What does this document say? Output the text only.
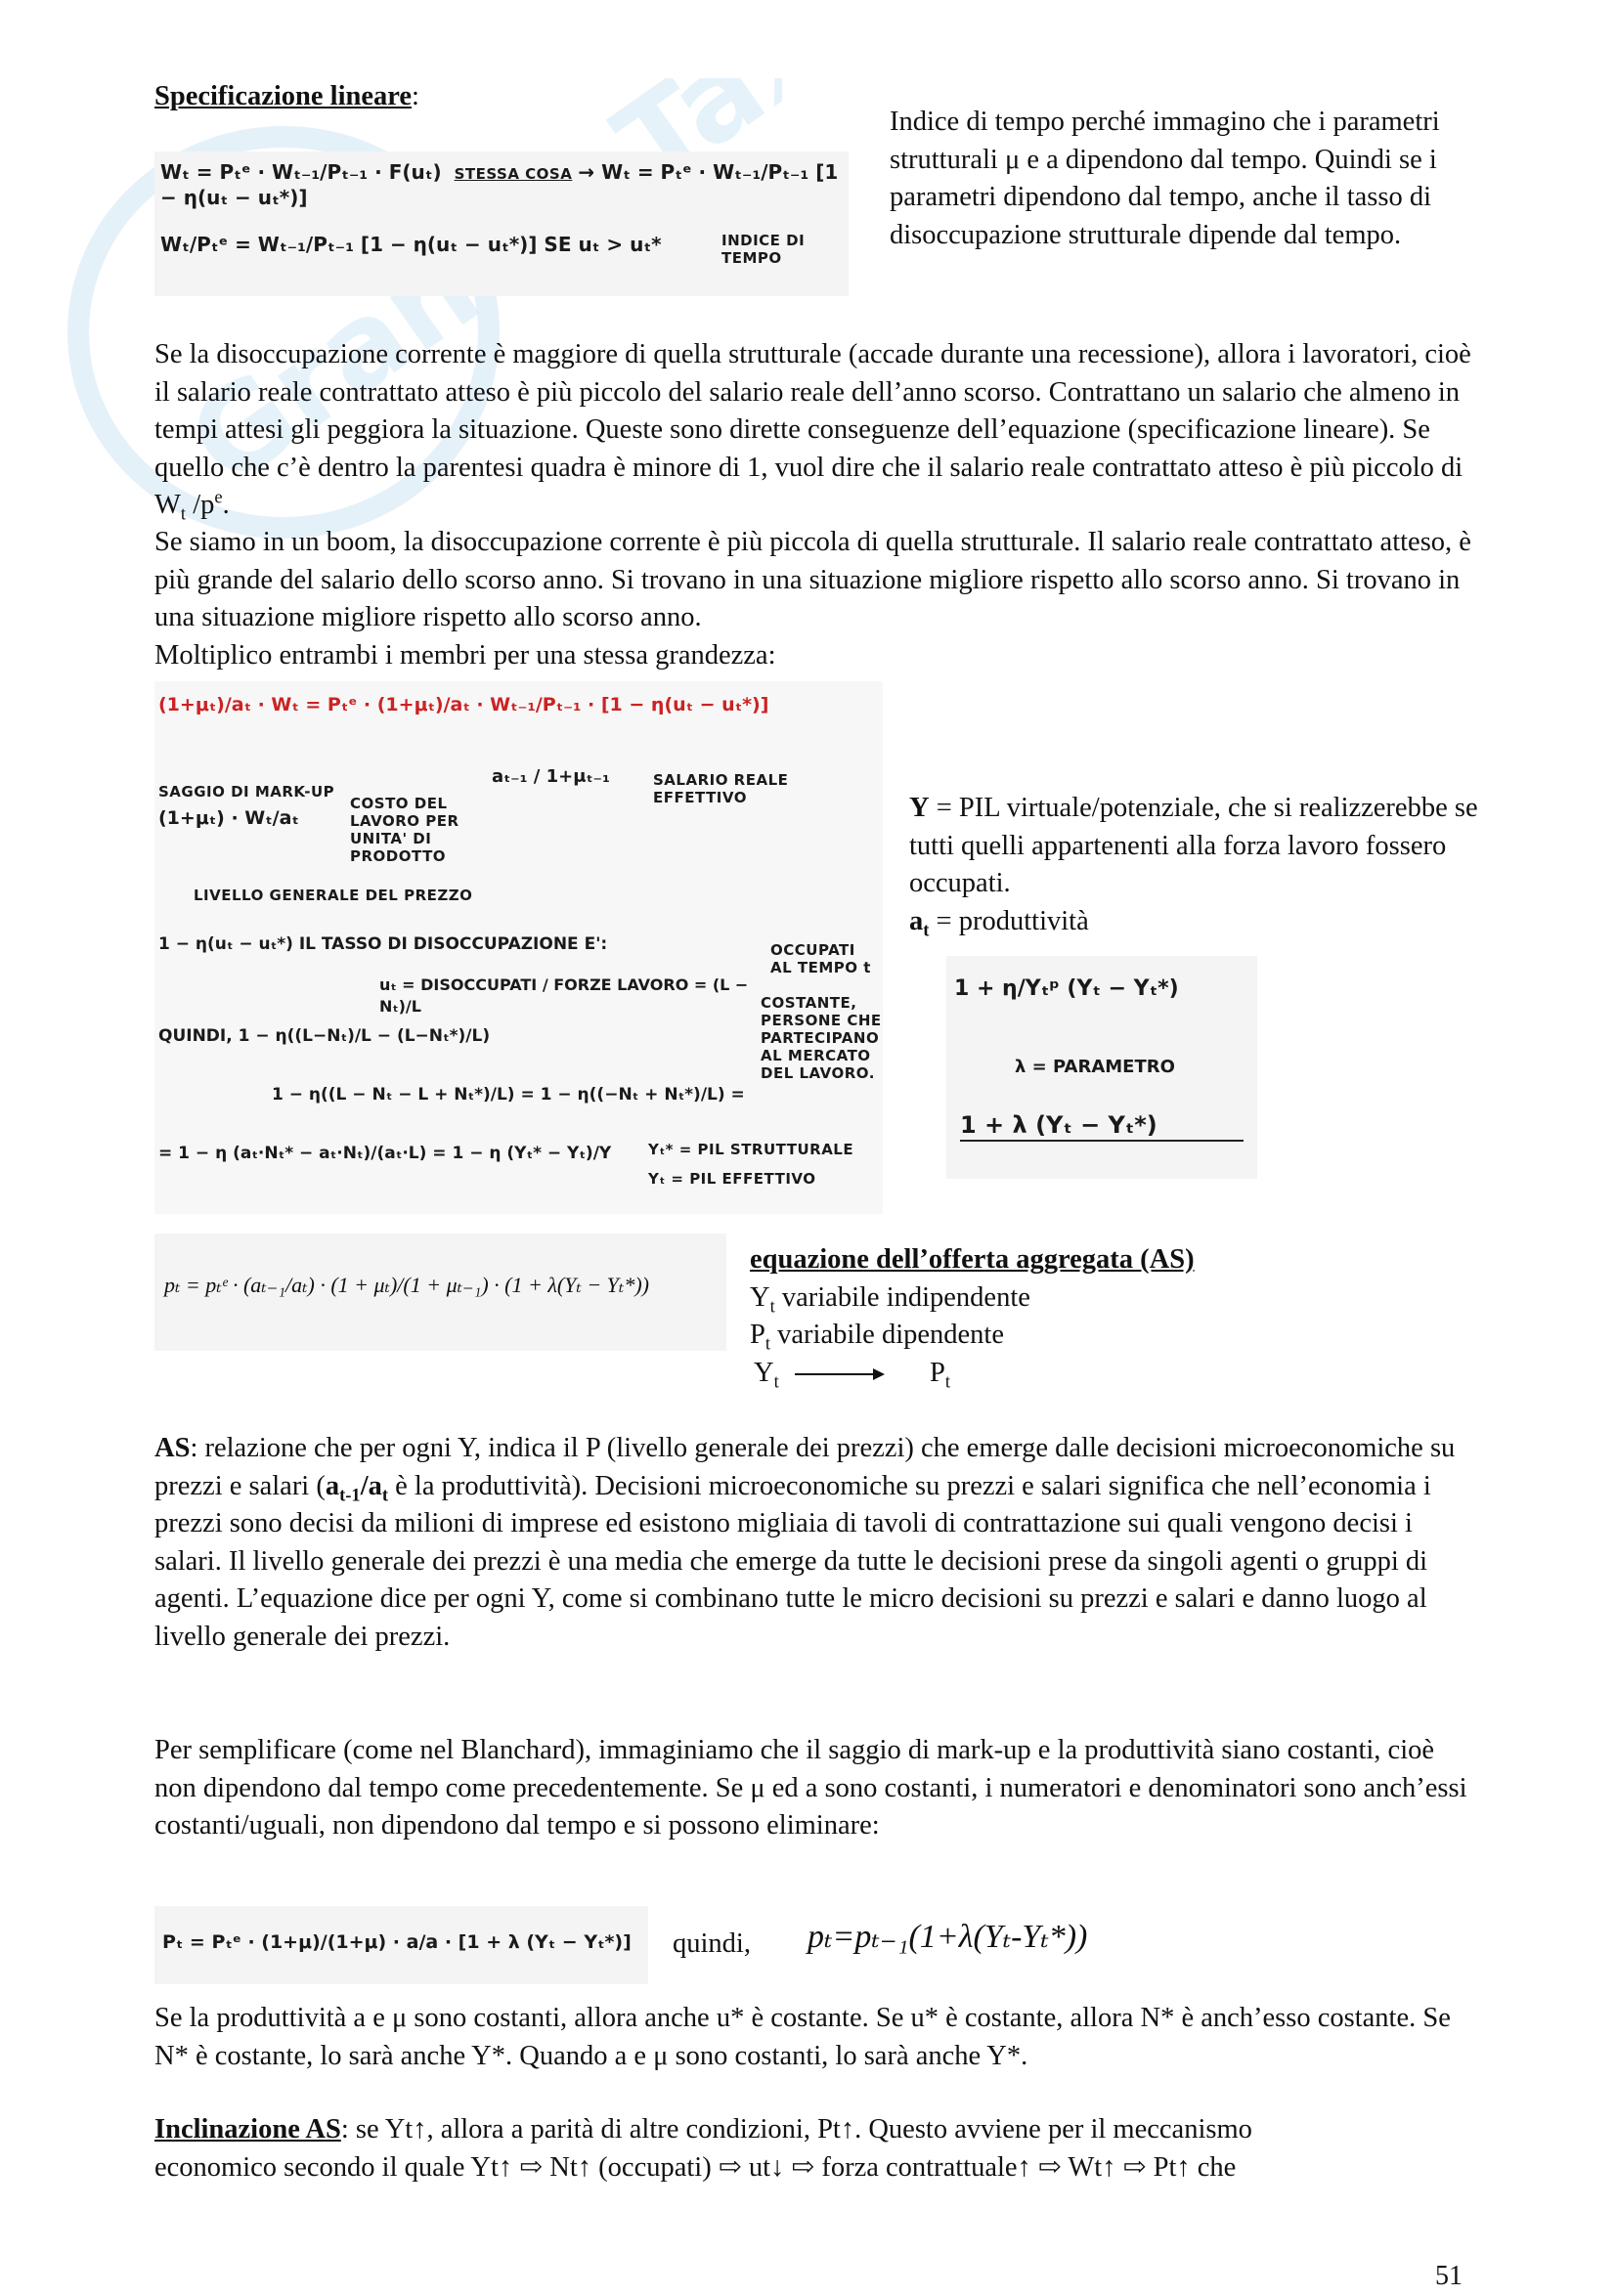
Specificazione lineare:
Wₜ = Pₜᵉ · Wₜ₋₁/Pₜ₋₁ · F(uₜ) STESSA COSA → Wₜ = Pₜᵉ · Wₜ₋₁/Pₜ₋₁ [1 − η(uₜ − uₜ*)]
Wₜ/Pₜᵉ = Wₜ₋₁/Pₜ₋₁ [1 − η(uₜ − uₜ*)] SE uₜ > uₜ*	INDICE DI TEMPO
Indice di tempo perché immagino che i parametri strutturali μ e a dipendono dal tempo. Quindi se i parametri dipendono dal tempo, anche il tasso di disoccupazione strutturale dipende dal tempo.
Se la disoccupazione corrente è maggiore di quella strutturale (accade durante una recessione), allora i lavoratori, cioè il salario reale contrattato atteso è più piccolo del salario reale dell’anno scorso. Contrattano un salario che almeno in tempi attesi gli peggiora la situazione. Queste sono dirette conseguenze dell’equazione (specificazione lineare). Se quello che c’è dentro la parentesi quadra è minore di 1, vuol dire che il salario reale contrattato atteso è più piccolo di $W_t$ $/p^e$.
Se siamo in un boom, la disoccupazione corrente è più piccola di quella strutturale. Il salario reale contrattato atteso, è più grande del salario dello scorso anno. Si trovano in una situazione migliore rispetto allo scorso anno. Si trovano in una situazione migliore rispetto allo scorso anno.
Moltiplico entrambi i membri per una stessa grandezza:
(1+μₜ)/aₜ · Wₜ = Pₜᵉ · (1+μₜ)/aₜ · Wₜ₋₁/Pₜ₋₁ · [1 − η(uₜ − uₜ*)]
SAGGIO DI MARK-UP
(1+μₜ) · Wₜ/aₜ
COSTO DEL LAVORO PER UNITA' DI PRODOTTO
aₜ₋₁ / 1+μₜ₋₁	SALARIO REALE EFFETTIVO
LIVELLO GENERALE DEL PREZZO
1 − η(uₜ − uₜ*) IL TASSO DI DISOCCUPAZIONE E':	OCCUPATI AL TEMPO t
uₜ = DISOCCUPATI / FORZE LAVORO = (L − Nₜ)/L	COSTANTE, PERSONE CHE PARTECIPANO AL MERCATO DEL LAVORO.
QUINDI, 1 − η((L−Nₜ)/L − (L−Nₜ*)/L)
1 − η((L − Nₜ − L + Nₜ*)/L) = 1 − η((−Nₜ + Nₜ*)/L) =
= 1 − η (aₜ·Nₜ* − aₜ·Nₜ)/(aₜ·L) = 1 − η (Yₜ* − Yₜ)/Y	Yₜ* = PIL STRUTTURALE
Yₜ = PIL EFFETTIVO
Y = PIL virtuale/potenziale, che si realizzerebbe se tutti quelli appartenenti alla forza lavoro fossero occupati.
$a_t$ = produttività
1 + η/Yₜᵖ (Yₜ − Yₜ*)
λ = PARAMETRO
1 + λ (Yₜ − Yₜ*)
pₜ = pₜᵉ · (aₜ₋₁/aₜ) · (1 + μₜ)/(1 + μₜ₋₁) · (1 + λ(Yₜ − Yₜ*))
equazione dell’offerta aggregata (AS)
$Y_t$ variabile indipendente
$P_t$ variabile dipendente
$Y_t$	$P_t$
AS: relazione che per ogni Y, indica il P (livello generale dei prezzi) che emerge dalle decisioni microeconomiche su prezzi e salari ($a_{t-1}/a_t$ è la produttività). Decisioni microeconomiche su prezzi e salari significa che nell’economia i prezzi sono decisi da milioni di imprese ed esistono migliaia di tavoli di contrattazione sui quali vengono decisi i salari. Il livello generale dei prezzi è una media che emerge da tutte le decisioni prese da singoli agenti o gruppi di agenti. L’equazione dice per ogni Y, come si combinano tutte le micro decisioni su prezzi e salari e danno luogo al livello generale dei prezzi.
Per semplificare (come nel Blanchard), immaginiamo che il saggio di mark-up e la produttività siano costanti, cioè non dipendono dal tempo come precedentemente. Se μ ed a sono costanti, i numeratori e denominatori sono anch’essi costanti/uguali, non dipendono dal tempo e si possono eliminare:
Pₜ = Pₜᵉ · (1+μ)/(1+μ) · a/a · [1 + λ (Yₜ − Yₜ*)]	quindi, pₜ=pₜ₋₁(1+λ(Yₜ-Yₜ*))
Se la produttività a e μ sono costanti, allora anche u* è costante. Se u* è costante, allora N* è anch’esso costante. Se N* è costante, lo sarà anche Y*. Quando a e μ sono costanti, lo sarà anche Y*.
Inclinazione AS: se Yt↑, allora a parità di altre condizioni, Pt↑. Questo avviene per il meccanismo
economico secondo il quale Yt↑ ⇨ Nt↑ (occupati) ⇨ ut↓ ⇨ forza contrattuale↑ ⇨ Wt↑ ⇨ Pt↑ che
51
